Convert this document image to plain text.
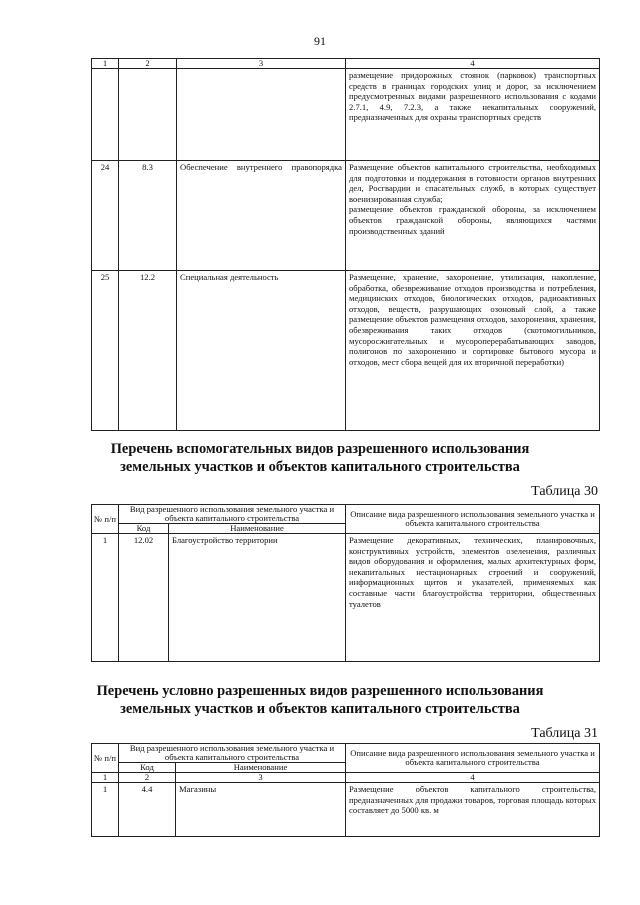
91
1	2	3	4

			размещение придорожных стоянок (парковок) транспортных средств в границах городских улиц и дорог, за исключением предусмотренных видами разрешенного использования с кодами 2.7.1, 4.9, 7.2.3, а также некапитальных сооружений, предназначенных для охраны транспортных средств

24	8.3	Обеспечение внутреннего правопорядка	Размещение объектов капитального строительства, необходимых для подготовки и поддержания в готовности органов внутренних дел, Росгвардии и спасательных служб, в которых существует военизированная служба;

размещение объектов гражданской обороны, за исключением объектов гражданской обороны, являющихся частями производственных зданий

25	12.2	Специальная деятельность	Размещение, хранение, захоронение, утилизация, накопление, обработка, обезвреживание отходов производства и потребления, медицинских отходов, биологических отходов, радиоактивных отходов, веществ, разрушающих озоновый слой, а также размещение объектов размещения отходов, захоронения, хранения, обезвреживания таких отходов (скотомогильников, мусоросжигательных и мусороперерабатывающих заводов, полигонов по захоронению и сортировке бытового мусора и отходов, мест сбора вещей для их вторичной переработки)

Перечень вспомогательных видов разрешенного использования
земельных участков и объектов капитального строительства
Таблица 30
№ п/п	Вид разрешенного использования земельного участка и объекта капитального строительства		Описание вида разрешенного использования земельного участка и объекта капитального строительства
	Код	Наименование	
1	12.02	Благоустройство территории	Размещение декоративных, технических, планировочных, конструктивных устройств, элементов озеленения, различных видов оборудования и оформления, малых архитектурных форм, некапитальных нестационарных строений и сооружений, информационных щитов и указателей, применяемых как составные части благоустройства территории, общественных туалетов

Перечень условно разрешенных видов разрешенного использования
земельных участков и объектов капитального строительства
Таблица 31
№ п/п	Вид разрешенного использования земельного участка и объекта капитального строительства		Описание вида разрешенного использования земельного участка и объекта капитального строительства
	Код	Наименование	
1	2	3	4
1	4.4	Магазины	Размещение объектов капитального строительства, предназначенных для продажи товаров, торговая площадь которых составляет до 5000 кв. м
